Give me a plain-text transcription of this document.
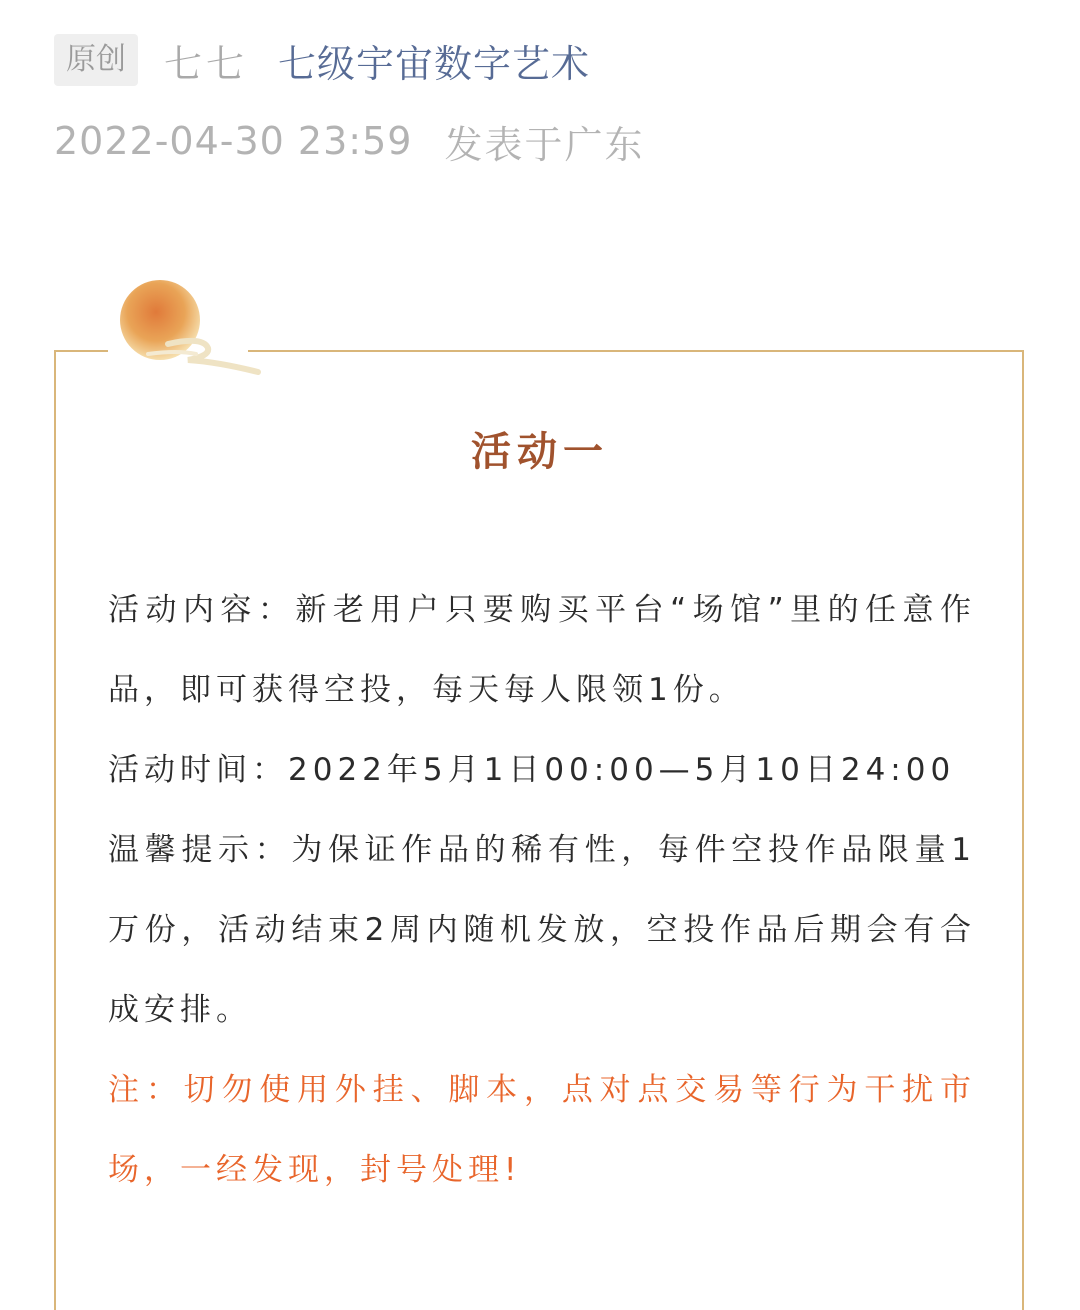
原创	七七 七级宇宙数字艺术
2022-04-30 23:59 发表于广东
活动一

活动内容：新老用户只要购买平台“场馆”里的任意作品，即可获得空投，每天每人限领1份。

活动时间：2022年5月1日00:00—5月10日24:00

温馨提示：为保证作品的稀有性，每件空投作品限量1万份，活动结束2周内随机发放，空投作品后期会有合成安排。

注：切勿使用外挂、脚本，点对点交易等行为干扰市场，一经发现，封号处理!
